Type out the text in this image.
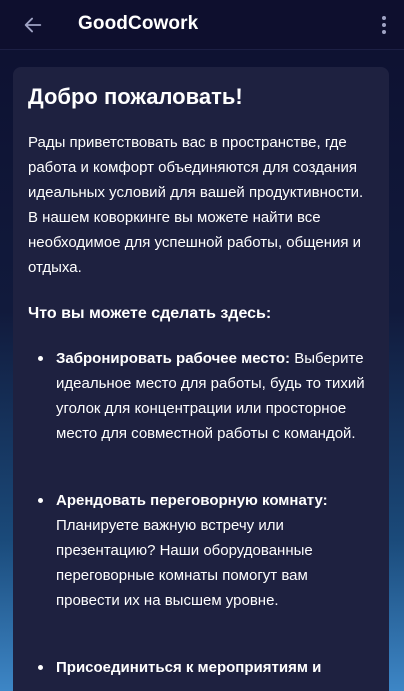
GoodCowork
Добро пожаловать!

Рады приветствовать вас в пространстве, где работа и комфорт объединяются для создания идеальных условий для вашей продуктивности. В нашем коворкинге вы можете найти все необходимое для успешной работы, общения и отдыха.

Что вы можете сделать здесь:
Забронировать рабочее место: Выберите идеальное место для работы, будь то тихий уголок для концентрации или просторное место для совместной работы с командой.
Арендовать переговорную комнату: Планируете важную встречу или презентацию? Наши оборудованные переговорные комнаты помогут вам провести их на высшем уровне.
Присоединиться к мероприятиям и
